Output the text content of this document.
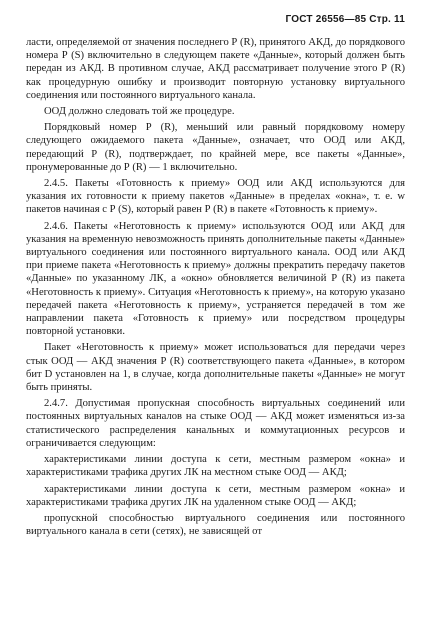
ГОСТ 26556—85 Стр. 11

ласти, определяемой от значения последнего Р (R), принятого АКД, до порядкового номера Р (S) включительно в следующем пакете «Данные», который должен быть передан из АКД. В противном случае, АКД рассматривает получение этого Р (R) как процедурную ошибку и производит повторную установку виртуального соединения или постоянного виртуального канала.

ООД должно следовать той же процедуре.

Порядковый номер Р (R), меньший или равный порядковому номеру следующего ожидаемого пакета «Данные», означает, что ООД или АКД, передающий Р (R), подтверждает, по крайней мере, все пакеты «Данные», пронумерованные до Р (R) — 1 включительно.

2.4.5. Пакеты «Готовность к приему» ООД или АКД используются для указания их готовности к приему пакетов «Данные» в пределах «окна», т. е. w пакетов начиная с Р (S), который равен Р (R) в пакете «Готовность к приему».

2.4.6. Пакеты «Неготовность к приему» используются ООД или АКД для указания на временную невозможность принять дополнительные пакеты «Данные» виртуального соединения или постоянного виртуального канала. ООД или АКД при приеме пакета «Неготовность к приему» должны прекратить передачу пакетов «Данные» по указанному ЛК, а «окно» обновляется величиной Р (R) из пакета «Неготовность к приему». Ситуация «Неготовность к приему», на которую указано передачей пакета «Неготовность к приему», устраняется передачей в том же направлении пакета «Готовность к приему» или посредством процедуры повторной установки.

Пакет «Неготовность к приему» может использоваться для передачи через стык ООД — АКД значения Р (R) соответствующего пакета «Данные», в котором бит D установлен на 1, в случае, когда дополнительные пакеты «Данные» не могут быть приняты.

2.4.7. Допустимая пропускная способность виртуальных соединений или постоянных виртуальных каналов на стыке ООД — АКД может изменяться из-за статистического распределения канальных и коммутационных ресурсов и ограничивается следующим:

характеристиками линии доступа к сети, местным размером «окна» и характеристиками трафика других ЛК на местном стыке ООД — АКД;

характеристиками линии доступа к сети, местным размером «окна» и характеристиками трафика других ЛК на удаленном стыке ООД — АКД;

пропускной способностью виртуального соединения или постоянного виртуального канала в сети (сетях), не зависящей от
